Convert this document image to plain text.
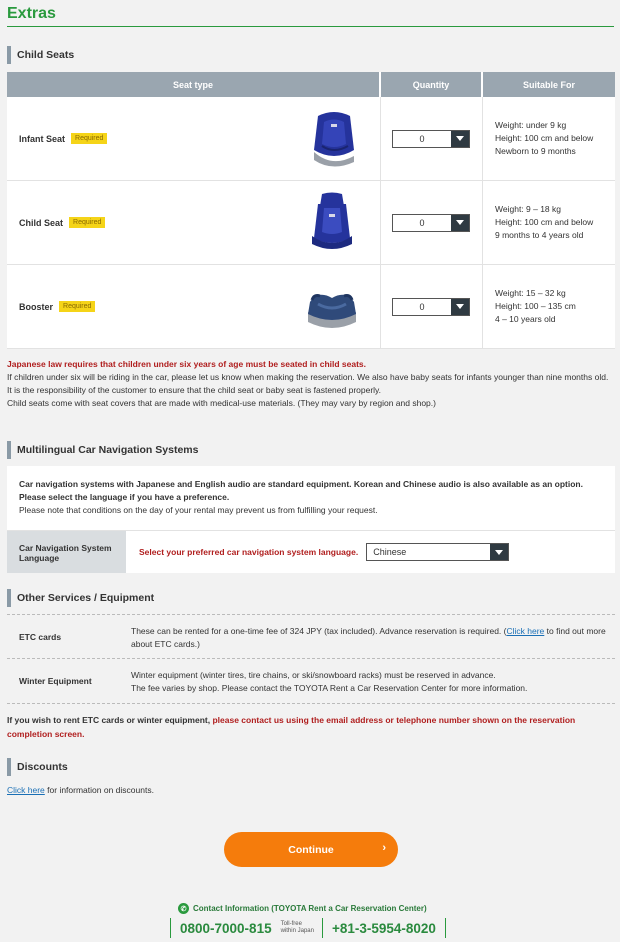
Extras
Child Seats
Seat type	Quantity	Suitable For
Infant Seat	Required	0
Weight: under 9 kg
Height: 100 cm and below
Newborn to 9 months
Child Seat	Required	0
Weight: 9 – 18 kg
Height: 100 cm and below
9 months to 4 years old
Booster	Required	0
Weight: 15 – 32 kg
Height: 100 – 135 cm
4 – 10 years old
Japanese law requires that children under six years of age must be seated in child seats.
If children under six will be riding in the car, please let us know when making the reservation. We also have baby seats for infants younger than nine months old.
It is the responsibility of the customer to ensure that the child seat or baby seat is fastened properly.
Child seats come with seat covers that are made with medical-use materials. (They may vary by region and shop.)
Multilingual Car Navigation Systems
Car navigation systems with Japanese and English audio are standard equipment. Korean and Chinese audio is also available as an option.
Please select the language if you have a preference.
Please note that conditions on the day of your rental may prevent us from fulfilling your request.
Car Navigation System Language
Select your preferred car navigation system language.	Chinese
Other Services / Equipment
ETC cards
These can be rented for a one-time fee of 324 JPY (tax included). Advance reservation is required. (Click here to find out more about ETC cards.)
Winter Equipment
Winter equipment (winter tires, tire chains, or ski/snowboard racks) must be reserved in advance.
The fee varies by shop. Please contact the TOYOTA Rent a Car Reservation Center for more information.
If you wish to rent ETC cards or winter equipment, please contact us using the email address or telephone number shown on the reservation completion screen.
Discounts
Click here for information on discounts.
Continue	›
✆ Contact Information (TOYOTA Rent a Car Reservation Center)
0800-7000-815	Toll-free
within Japan	+81-3-5954-8020
